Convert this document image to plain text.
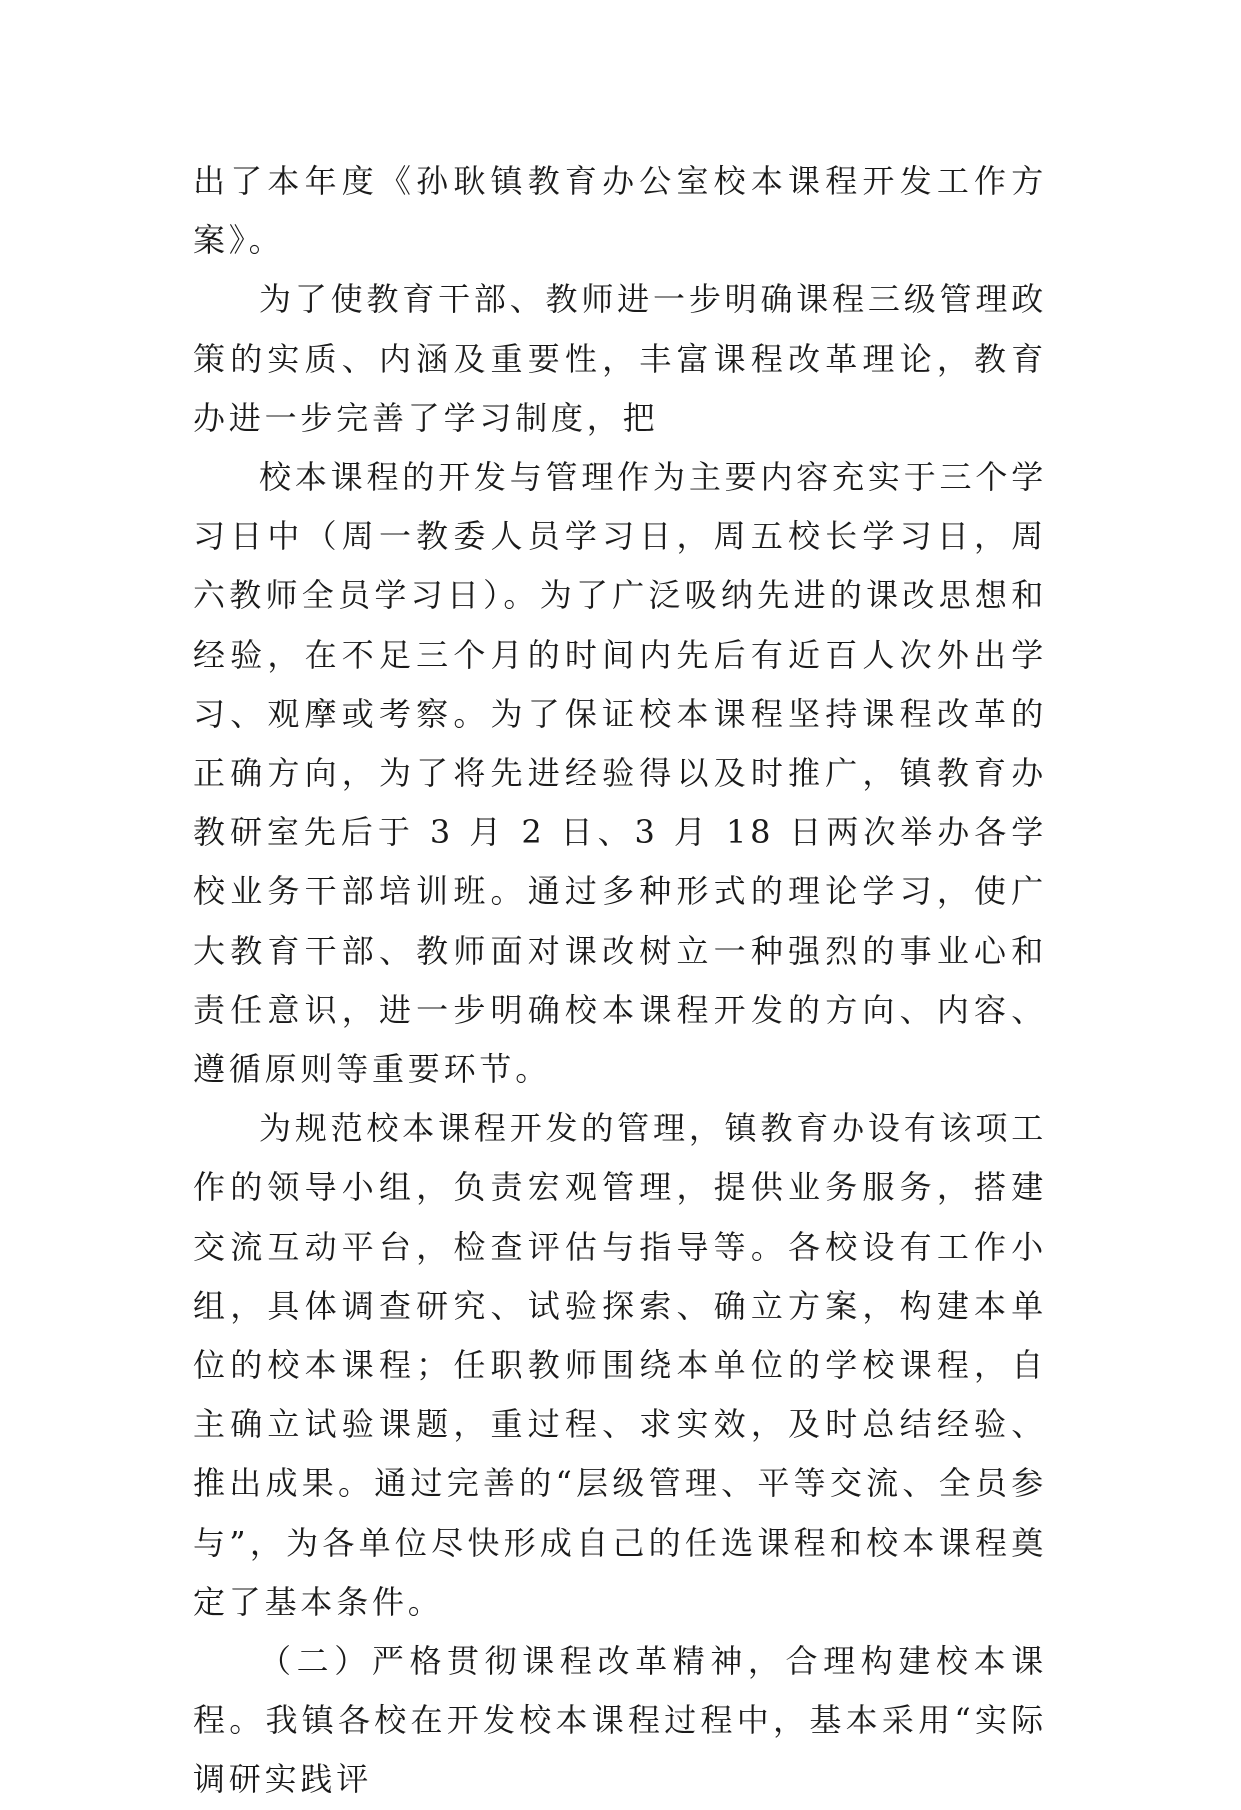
出了本年度《孙耿镇教育办公室校本课程开发工作方案》。

为了使教育干部、教师进一步明确课程三级管理政策的实质、内涵及重要性，丰富课程改革理论，教育办进一步完善了学习制度，把

校本课程的开发与管理作为主要内容充实于三个学习日中（周一教委人员学习日，周五校长学习日，周六教师全员学习日）。为了广泛吸纳先进的课改思想和经验，在不足三个月的时间内先后有近百人次外出学习、观摩或考察。为了保证校本课程坚持课程改革的正确方向，为了将先进经验得以及时推广，镇教育办教研室先后于 3 月 2 日、3 月 18 日两次举办各学校业务干部培训班。通过多种形式的理论学习，使广大教育干部、教师面对课改树立一种强烈的事业心和责任意识，进一步明确校本课程开发的方向、内容、遵循原则等重要环节。

为规范校本课程开发的管理，镇教育办设有该项工作的领导小组，负责宏观管理，提供业务服务，搭建交流互动平台，检查评估与指导等。各校设有工作小组，具体调查研究、试验探索、确立方案，构建本单位的校本课程；任职教师围绕本单位的学校课程，自主确立试验课题，重过程、求实效，及时总结经验、推出成果。通过完善的“层级管理、平等交流、全员参与”，为各单位尽快形成自己的任选课程和校本课程奠定了基本条件。

（二）严格贯彻课程改革精神，合理构建校本课程。我镇各校在开发校本课程过程中，基本采用“实际调研实践评
